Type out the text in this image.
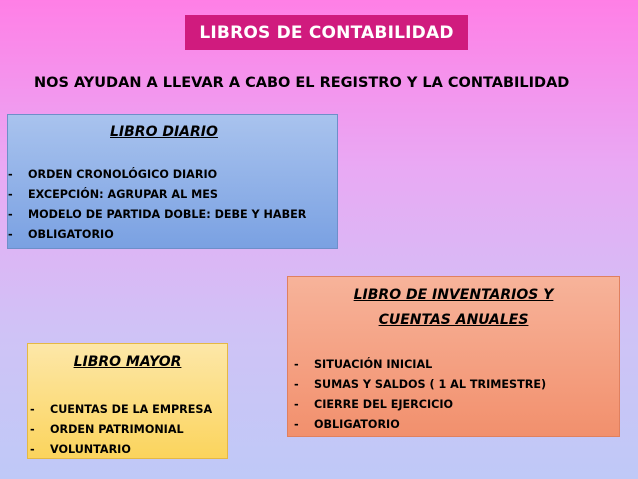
LIBROS DE CONTABILIDAD
NOS AYUDAN A LLEVAR A CABO EL REGISTRO Y LA CONTABILIDAD
LIBRO DIARIO
- ORDEN CRONOLÓGICO DIARIO
- EXCEPCIÓN: AGRUPAR AL MES
- MODELO DE PARTIDA DOBLE: DEBE Y HABER
- OBLIGATORIO
LIBRO MAYOR
- CUENTAS DE LA EMPRESA
- ORDEN PATRIMONIAL
- VOLUNTARIO
LIBRO DE INVENTARIOS Y
CUENTAS ANUALES
- SITUACIÓN INICIAL
- SUMAS Y SALDOS ( 1 AL TRIMESTRE)
- CIERRE DEL EJERCICIO
- OBLIGATORIO
